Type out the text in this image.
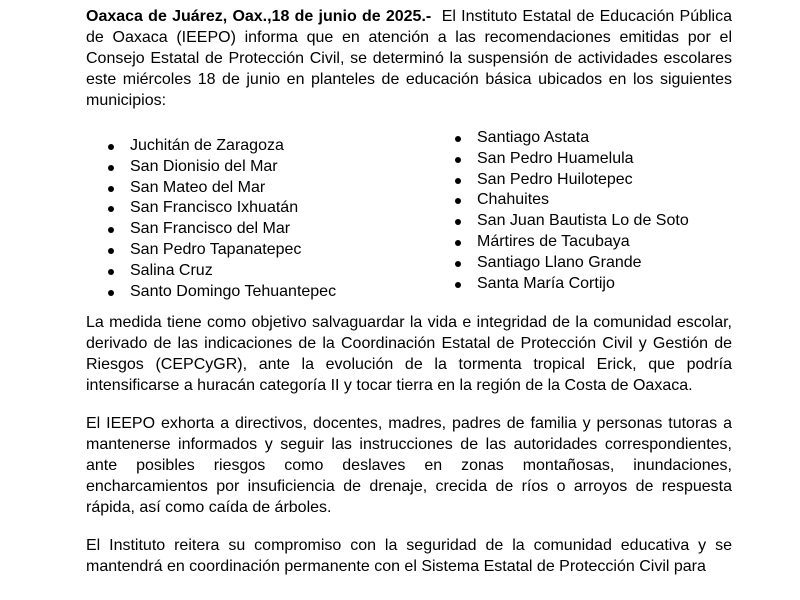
Oaxaca de Juárez, Oax.,18 de junio de 2025.- El Instituto Estatal de Educación Pública de Oaxaca (IEEPO) informa que en atención a las recomendaciones emitidas por el Consejo Estatal de Protección Civil, se determinó la suspensión de actividades escolares este miércoles 18 de junio en planteles de educación básica ubicados en los siguientes municipios:

Juchitán de Zaragoza
San Dionisio del Mar
San Mateo del Mar
San Francisco Ixhuatán
San Francisco del Mar
San Pedro Tapanatepec
Salina Cruz
Santo Domingo Tehuantepec
Santiago Astata
San Pedro Huamelula
San Pedro Huilotepec
Chahuites
San Juan Bautista Lo de Soto
Mártires de Tacubaya
Santiago Llano Grande
Santa María Cortijo

La medida tiene como objetivo salvaguardar la vida e integridad de la comunidad escolar, derivado de las indicaciones de la Coordinación Estatal de Protección Civil y Gestión de Riesgos (CEPCyGR), ante la evolución de la tormenta tropical Erick, que podría intensificarse a huracán categoría II y tocar tierra en la región de la Costa de Oaxaca.

El IEEPO exhorta a directivos, docentes, madres, padres de familia y personas tutoras a mantenerse informados y seguir las instrucciones de las autoridades correspondientes, ante posibles riesgos como deslaves en zonas montañosas, inundaciones, encharcamientos por insuficiencia de drenaje, crecida de ríos o arroyos de respuesta rápida, así como caída de árboles.

El Instituto reitera su compromiso con la seguridad de la comunidad educativa y se mantendrá en coordinación permanente con el Sistema Estatal de Protección Civil para
